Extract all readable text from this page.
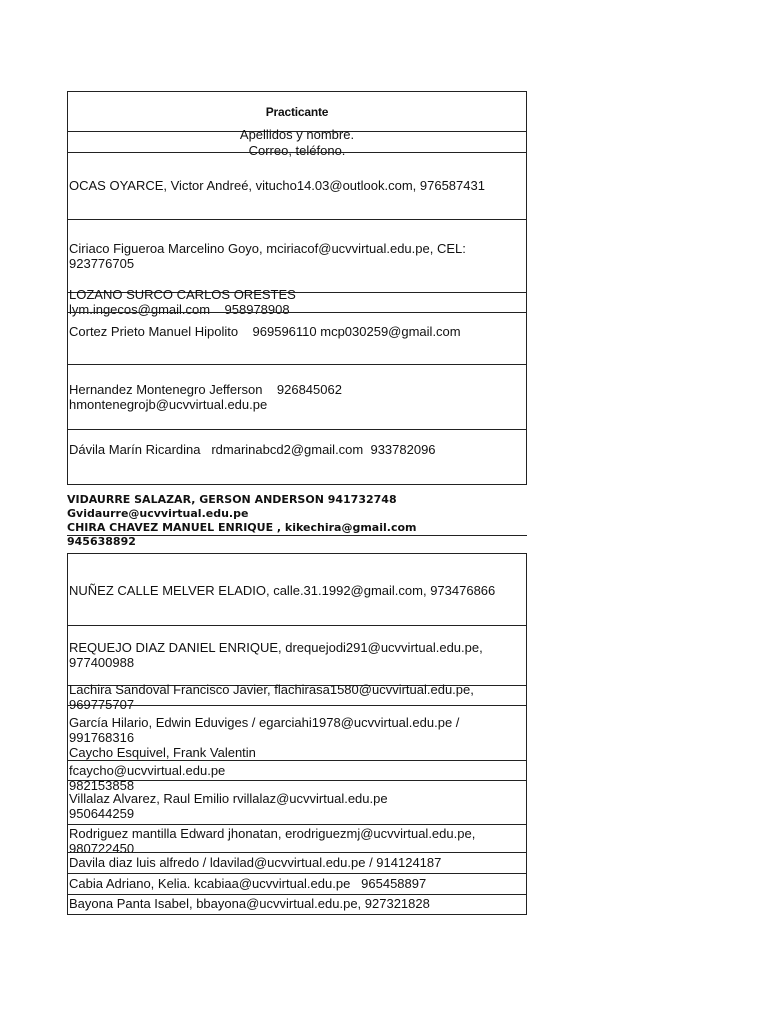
Practicante

Apellidos y nombre.

Correo, teléfono.

OCAS OYARCE, Victor Andreé, vitucho14.03@outlook.com, 976587431

Ciriaco Figueroa Marcelino Goyo, mciriacof@ucvvirtual.edu.pe, CEL:
923776705

LOZANO SURCO CARLOS ORESTES
lym.ingecos@gmail.com    958978908

Cortez Prieto Manuel Hipolito    969596110 mcp030259@gmail.com

Hernandez Montenegro Jefferson    926845062
hmontenegrojb@ucvvirtual.edu.pe

Dávila Marín Ricardina   rdmarinabcd2@gmail.com  933782096

VIDAURRE SALAZAR, GERSON ANDERSON 941732748
Gvidaurre@ucvvirtual.edu.pe
CHIRA CHAVEZ MANUEL ENRIQUE , kikechira@gmail.com
945638892

NUÑEZ CALLE MELVER ELADIO, calle.31.1992@gmail.com, 973476866

REQUEJO DIAZ DANIEL ENRIQUE, drequejodi291@ucvvirtual.edu.pe,
977400988

Lachira Sandoval Francisco Javier, flachirasa1580@ucvvirtual.edu.pe,
969775707

García Hilario, Edwin Eduviges / egarciahi1978@ucvvirtual.edu.pe /
991768316
Caycho Esquivel, Frank Valentin

fcaycho@ucvvirtual.edu.pe
982153858

Villalaz Alvarez, Raul Emilio rvillalaz@ucvvirtual.edu.pe
950644259

Rodriguez mantilla Edward jhonatan, erodriguezmj@ucvvirtual.edu.pe,
980722450

Davila diaz luis alfredo / ldavilad@ucvvirtual.edu.pe / 914124187

Cabia Adriano, Kelia. kcabiaa@ucvvirtual.edu.pe   965458897

Bayona Panta Isabel, bbayona@ucvvirtual.edu.pe, 927321828
